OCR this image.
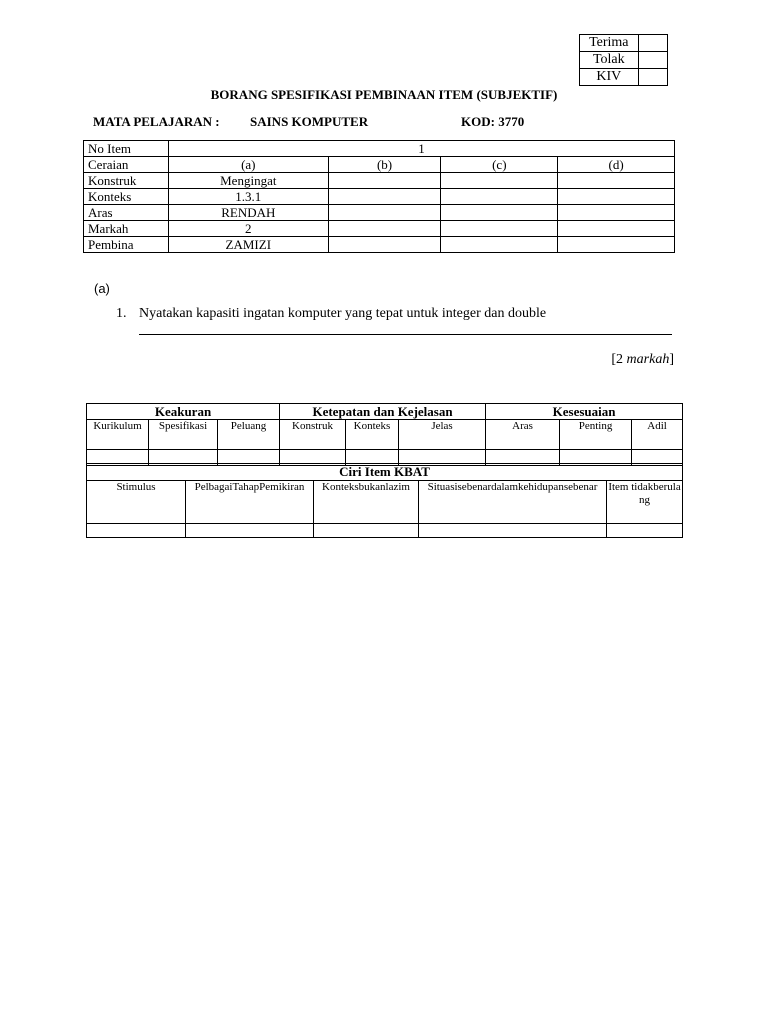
Terima	
Tolak	
KIV	
BORANG SPESIFIKASI PEMBINAAN ITEM (SUBJEKTIF)
MATA PELAJARAN : SAINS KOMPUTER	KOD: 3770
No Item	1			
Ceraian	(a)	(b)	(c)	(d)
Konstruk	Mengingat			
Konteks	1.3.1			
Aras	RENDAH			
Markah	2			
Pembina	ZAMIZI			
(a)
1. Nyatakan kapasiti ingatan komputer yang tepat untuk integer dan double
[2 markah]
Keakuran			Ketepatan dan Kejelasan			Kesesuaian		
Kurikulum	Spesifikasi	Peluang	Konstruk	Konteks	Jelas	Aras	Penting	Adil

Ciri Item KBAT				
Stimulus	PelbagaiTahapPemikiran	Konteksbukanlazim	Situasisebenardalamkehidupansebenar	Item tidakberulang
